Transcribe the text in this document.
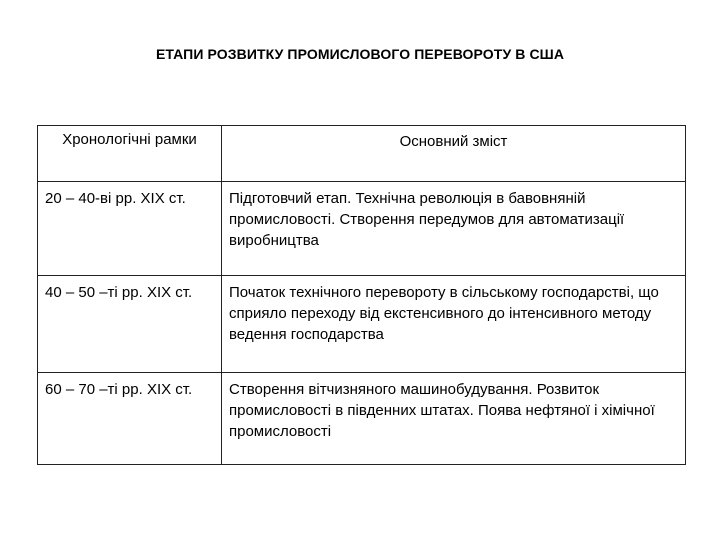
ЕТАПИ РОЗВИТКУ ПРОМИСЛОВОГО ПЕРЕВОРОТУ В США
Хронологічні рамки	Основний зміст
20 – 40-ві рр. ХІХ ст.	Підготовчий етап. Технічна революція в бавовняній промисловості. Створення передумов для автоматизації виробництва
40 – 50 –ті рр. ХІХ ст.	Початок технічного перевороту в сільському господарстві, що сприяло переходу від екстенсивного до інтенсивного методу ведення господарства
60 – 70 –ті рр. ХІХ ст.	Створення вітчизняного машинобудування. Розвиток промисловості в південних штатах. Поява нефтяної і хімічної промисловості
